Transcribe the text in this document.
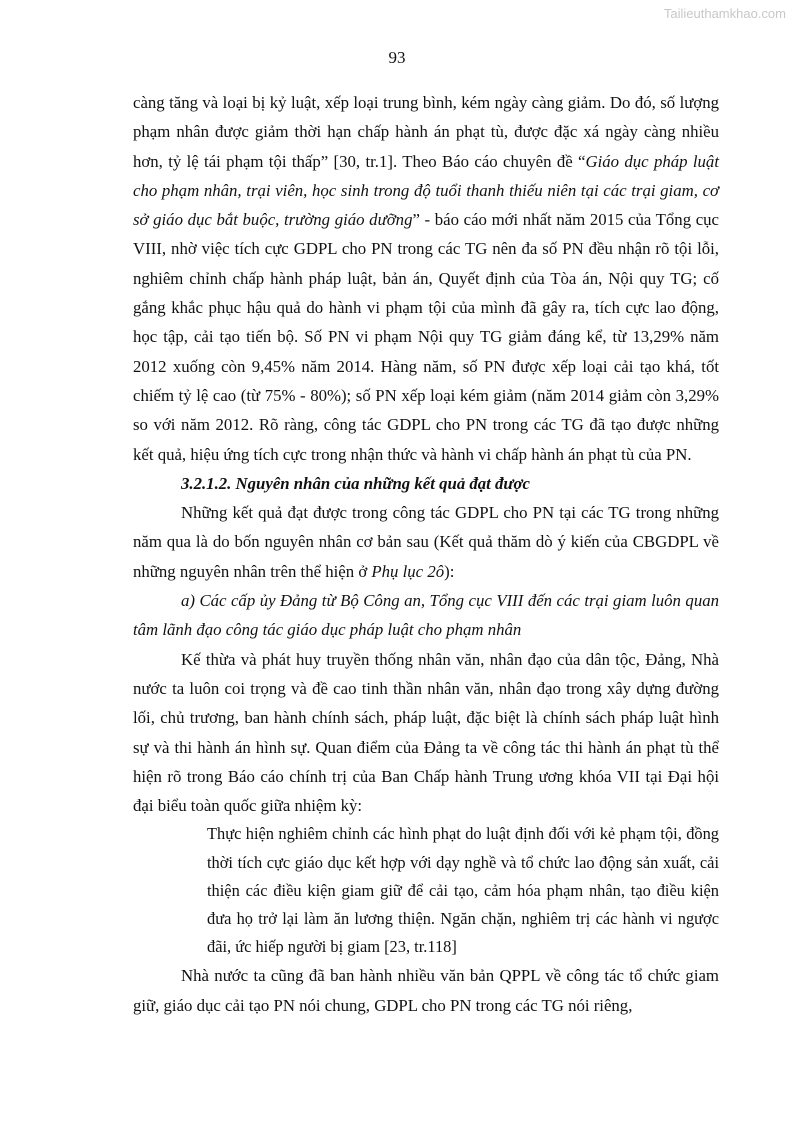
Tailieuthamkhao.com
93

càng tăng và loại bị kỷ luật, xếp loại trung bình, kém ngày càng giảm. Do đó, số lượng phạm nhân được giảm thời hạn chấp hành án phạt tù, được đặc xá ngày càng nhiều hơn, tỷ lệ tái phạm tội thấp” [30, tr.1]. Theo Báo cáo chuyên đề “Giáo dục pháp luật cho phạm nhân, trại viên, học sinh trong độ tuổi thanh thiếu niên tại các trại giam, cơ sở giáo dục bắt buộc, trường giáo dưỡng” - báo cáo mới nhất năm 2015 của Tổng cục VIII, nhờ việc tích cực GDPL cho PN trong các TG nên đa số PN đều nhận rõ tội lỗi, nghiêm chỉnh chấp hành pháp luật, bản án, Quyết định của Tòa án, Nội quy TG; cố gắng khắc phục hậu quả do hành vi phạm tội của mình đã gây ra, tích cực lao động, học tập, cải tạo tiến bộ. Số PN vi phạm Nội quy TG giảm đáng kể, từ 13,29% năm 2012 xuống còn 9,45% năm 2014. Hàng năm, số PN được xếp loại cải tạo khá, tốt chiếm tỷ lệ cao (từ 75% - 80%); số PN xếp loại kém giảm (năm 2014 giảm còn 3,29% so với năm 2012. Rõ ràng, công tác GDPL cho PN trong các TG đã tạo được những kết quả, hiệu ứng tích cực trong nhận thức và hành vi chấp hành án phạt tù của PN.

3.2.1.2. Nguyên nhân của những kết quả đạt được

Những kết quả đạt được trong công tác GDPL cho PN tại các TG trong những năm qua là do bốn nguyên nhân cơ bản sau (Kết quả thăm dò ý kiến của CBGDPL về những nguyên nhân trên thể hiện ở Phụ lục 2ô):

a) Các cấp ủy Đảng từ Bộ Công an, Tổng cục VIII đến các trại giam luôn quan tâm lãnh đạo công tác giáo dục pháp luật cho phạm nhân

Kế thừa và phát huy truyền thống nhân văn, nhân đạo của dân tộc, Đảng, Nhà nước ta luôn coi trọng và đề cao tinh thần nhân văn, nhân đạo trong xây dựng đường lối, chủ trương, ban hành chính sách, pháp luật, đặc biệt là chính sách pháp luật hình sự và thi hành án hình sự. Quan điểm của Đảng ta về công tác thi hành án phạt tù thể hiện rõ trong Báo cáo chính trị của Ban Chấp hành Trung ương khóa VII tại Đại hội đại biểu toàn quốc giữa nhiệm kỳ:

Thực hiện nghiêm chỉnh các hình phạt do luật định đối với kẻ phạm tội, đồng thời tích cực giáo dục kết hợp với dạy nghề và tổ chức lao động sản xuất, cải thiện các điều kiện giam giữ để cải tạo, cảm hóa phạm nhân, tạo điều kiện đưa họ trở lại làm ăn lương thiện. Ngăn chặn, nghiêm trị các hành vi ngược đãi, ức hiếp người bị giam [23, tr.118]

Nhà nước ta cũng đã ban hành nhiều văn bản QPPL về công tác tổ chức giam giữ, giáo dục cải tạo PN nói chung, GDPL cho PN trong các TG nói riêng,
